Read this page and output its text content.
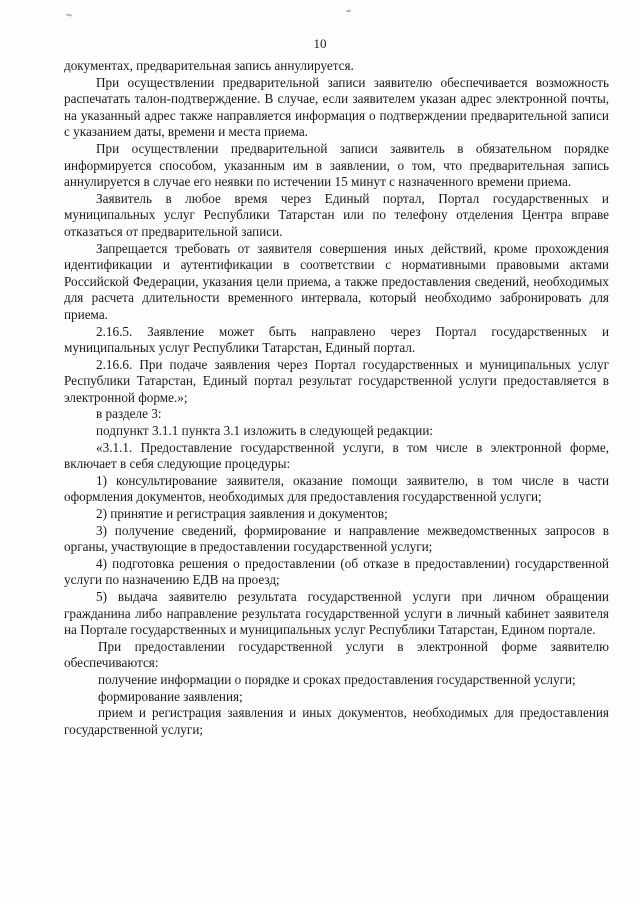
10

документах, предварительная запись аннулируется.

При осуществлении предварительной записи заявителю обеспечивается возможность распечатать талон-подтверждение. В случае, если заявителем указан адрес электронной почты, на указанный адрес также направляется информация о подтверждении предварительной записи с указанием даты, времени и места приема.

При осуществлении предварительной записи заявитель в обязательном порядке информируется способом, указанным им в заявлении, о том, что предварительная запись аннулируется в случае его неявки по истечении 15 минут с назначенного времени приема.

Заявитель в любое время через Единый портал, Портал государственных и муниципальных услуг Республики Татарстан или по телефону отделения Центра вправе отказаться от предварительной записи.

Запрещается требовать от заявителя совершения иных действий, кроме прохождения идентификации и аутентификации в соответствии с нормативными правовыми актами Российской Федерации, указания цели приема, а также предоставления сведений, необходимых для расчета длительности временного интервала, который необходимо забронировать для приема.

2.16.5. Заявление может быть направлено через Портал государственных и муниципальных услуг Республики Татарстан, Единый портал.

2.16.6. При подаче заявления через Портал государственных и муниципальных услуг Республики Татарстан, Единый портал результат государственной услуги предоставляется в электронной форме.»;

в разделе 3:

подпункт 3.1.1 пункта 3.1 изложить в следующей редакции:

«3.1.1. Предоставление государственной услуги, в том числе в электронной форме, включает в себя следующие процедуры:

1) консультирование заявителя, оказание помощи заявителю, в том числе в части оформления документов, необходимых для предоставления государственной услуги;

2) принятие и регистрация заявления и документов;

3) получение сведений, формирование и направление межведомственных запросов в органы, участвующие в предоставлении государственной услуги;

4) подготовка решения о предоставлении (об отказе в предоставлении) государственной услуги по назначению ЕДВ на проезд;

5) выдача заявителю результата государственной услуги при личном обращении гражданина либо направление результата государственной услуги в личный кабинет заявителя на Портале государственных и муниципальных услуг Республики Татарстан, Едином портале.

При предоставлении государственной услуги в электронной форме заявителю обеспечиваются:

получение информации о порядке и сроках предоставления государственной услуги;

формирование заявления;

прием и регистрация заявления и иных документов, необходимых для предоставления государственной услуги;
